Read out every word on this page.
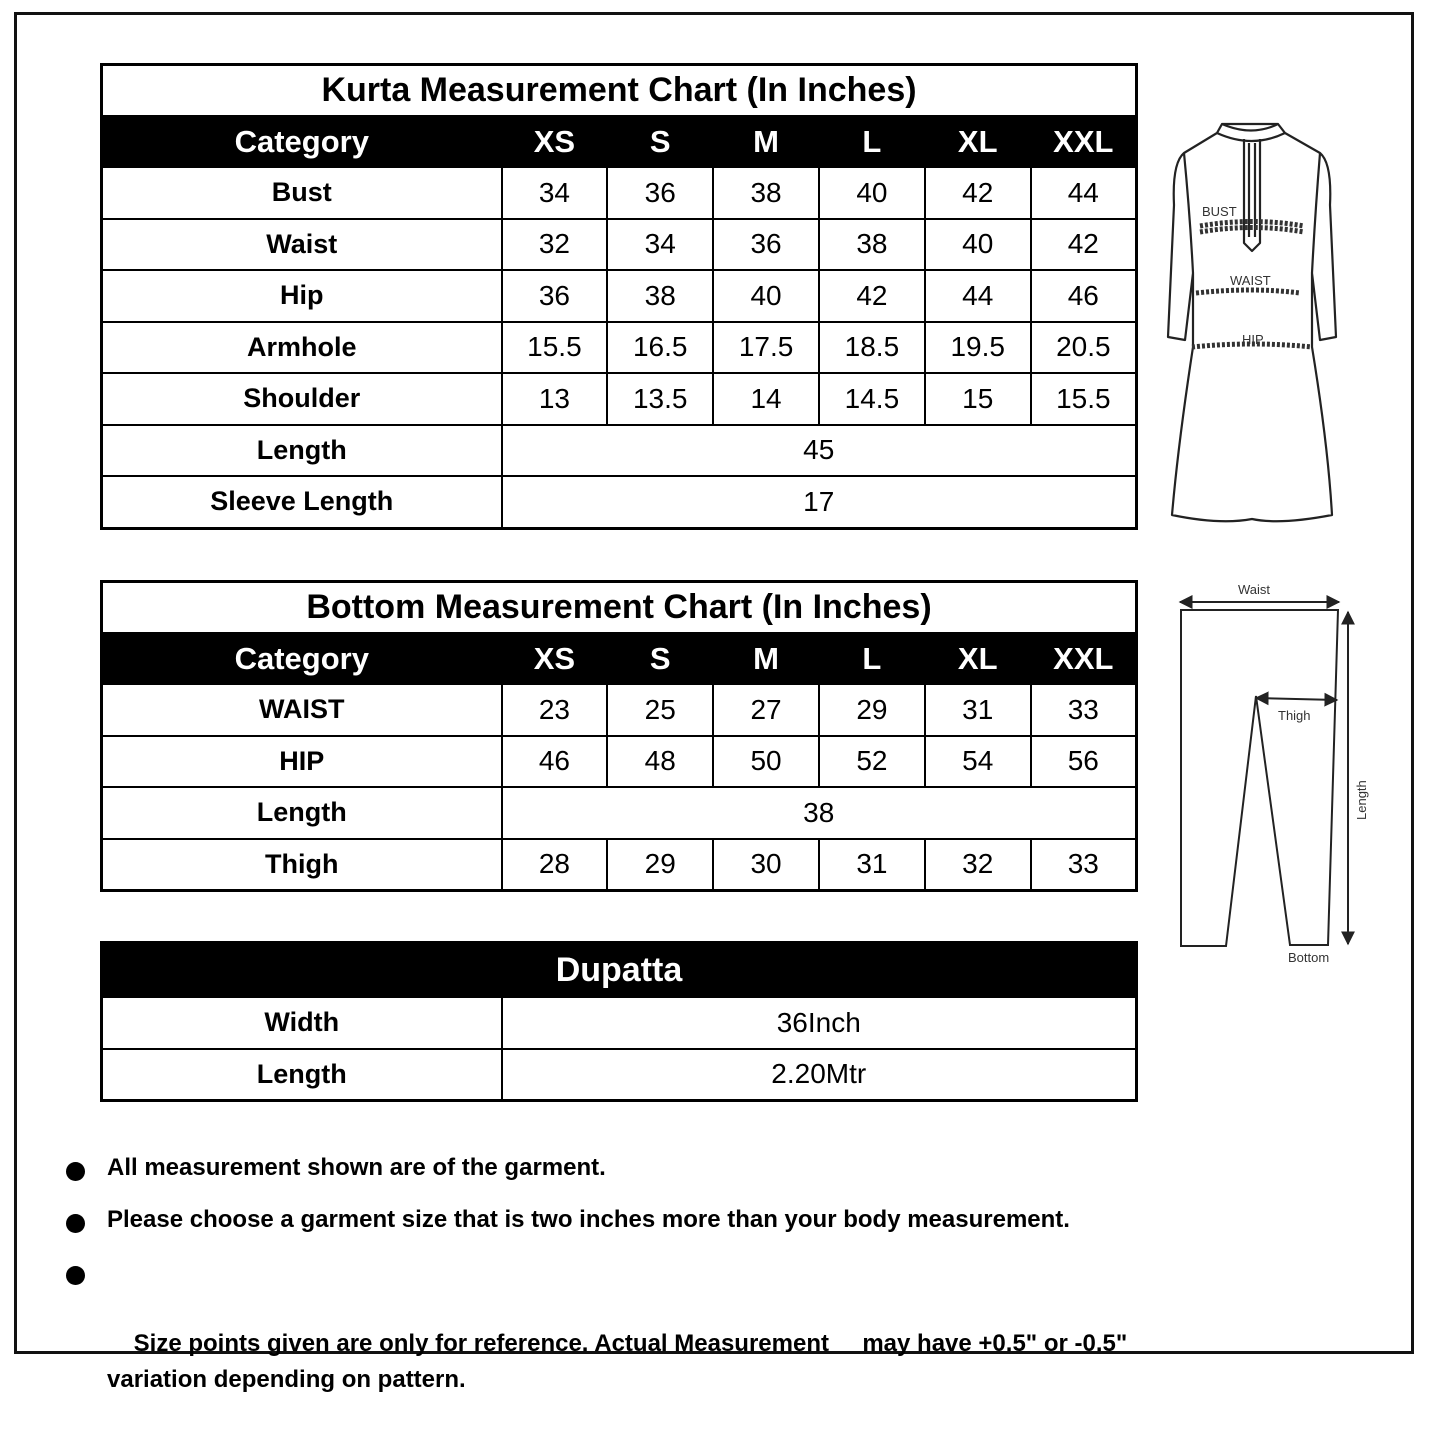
Kurta Measurement Chart (In Inches)						
Category	XS	S	M	L	XL	XXL
Bust	34	36	38	40	42	44
Waist	32	34	36	38	40	42
Hip	36	38	40	42	44	46
Armhole	15.5	16.5	17.5	18.5	19.5	20.5
Shoulder	13	13.5	14	14.5	15	15.5
Length	45					
Sleeve Length	17					
Bottom Measurement Chart (In Inches)						
Category	XS	S	M	L	XL	XXL
WAIST	23	25	27	29	31	33
HIP	46	48	50	52	54	56
Length	38					
Thigh	28	29	30	31	32	33
Dupatta	
Width	36Inch
Length	2.20Mtr
BUST
WAIST
HIP
Waist
Thigh
Length
Bottom
All measurement shown are of the garment.
Please choose a garment size that is two inches more than your body measurement.

Size points given are only for reference. Actual Measurement     may have +0.5" or -0.5" variation depending on pattern.
